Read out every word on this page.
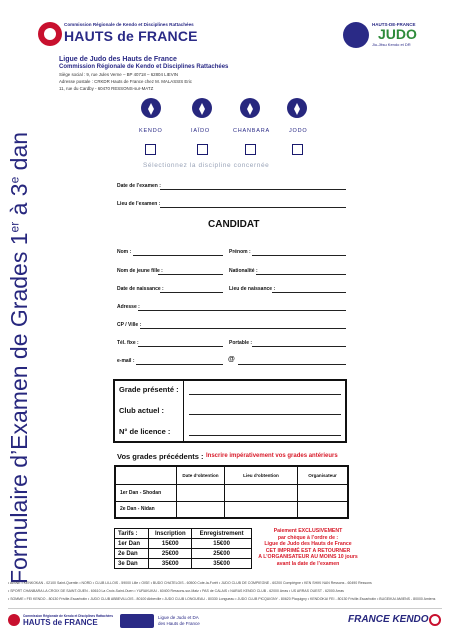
Formulaire d’Examen de Grades 1er à 3e dan
Commission Régionale de Kendo et Disciplines Rattachées
HAUTS de FRANCE
HAUTS-DE-FRANCE
JUDO
Jiu-Jitsu Kendo et DR
Ligue de Judo des Hauts de France
Commission Régionale de Kendo et Disciplines Rattachées
Siège social : 9, rue Jules Verne – BP 40718 – 62804 LIEVIN
Adresse postale : CRKDR Hauts de France chez M. MALASSIS Eric
11, rue du Cardby - 60470 RESSONS-sur-MATZ
KENDO	IAÏDO	CHANBARA	JODO
Sélectionnez la discipline concernée
Date de l’examen :
Lieu de l’examen :
CANDIDAT
Nom :	Prénom :
Nom de jeune fille :	Nationalité :
Date de naissance :	Lieu de naissance :
Adresse :
CP / Ville :
Tél. fixe :	Portable :
e-mail :	@
Grade présenté :
Club actuel :
N° de licence :
Vos grades précédents : Inscrire impérativement vos grades antérieurs
	Date d’obtention	Lieu d’obtention	Organisateur
1er Dan - Shodan			
2e Dan - Nidan			
Tarifs :	Inscription	Enregistrement
1er Dan	15€00	15€00
2e Dan	25€00	25€00
3e Dan	35€00	35€00
Paiement EXCLUSIVEMENT
par chèque à l’ordre de :
Ligue de Judo des Hauts de France
CET IMPRIMÉ EST A RETOURNER
A L’ORGANISATEUR AU MOINS 10 jours
avant la date de l’examen
• AISNE • KENKOKAN - 02100 Saint-Quentin • NORD • CLUB LILLOIS - 59000 Lille • OISE • BUDO CHATELOIS - 60500 Cote-la-Forêt • JUDO CLUB DE COMPIEGNE - 60200 Compiègne • KEN SHIKI NAN Ressons - 60490 Ressons
• SPORT CHANBARA LA CROIX DE SAINT-OUEN - 60610 La Croix-Saint-Ouen • YURAKUKAI - 60400 Ressons-sur-Matz • PAS de CALAIS • NARAS KENDO CLUB - 62000 Arras • US ARRAS OUEST - 62000 Arras
• SOMME • FEI KENDO - 80130 Friville-Escarbotin • JUDO CLUB ABBEVILLOIS - 80100 Abbeville • JUDO CLUB LONGUEAU - 80330 Longueau • JUDO CLUB PICQUIGNY - 80620 Picquigny • KENDOKAI FEI - 80130 Friville-Escarbotin • BUGEIKAI AMIENS - 80000 Amiens
Commission Régionale de Kendo et Disciplines Rattachées
HAUTS de FRANCE
Ligue de Judo et DA
des Hauts de France	FRANCE KENDO
